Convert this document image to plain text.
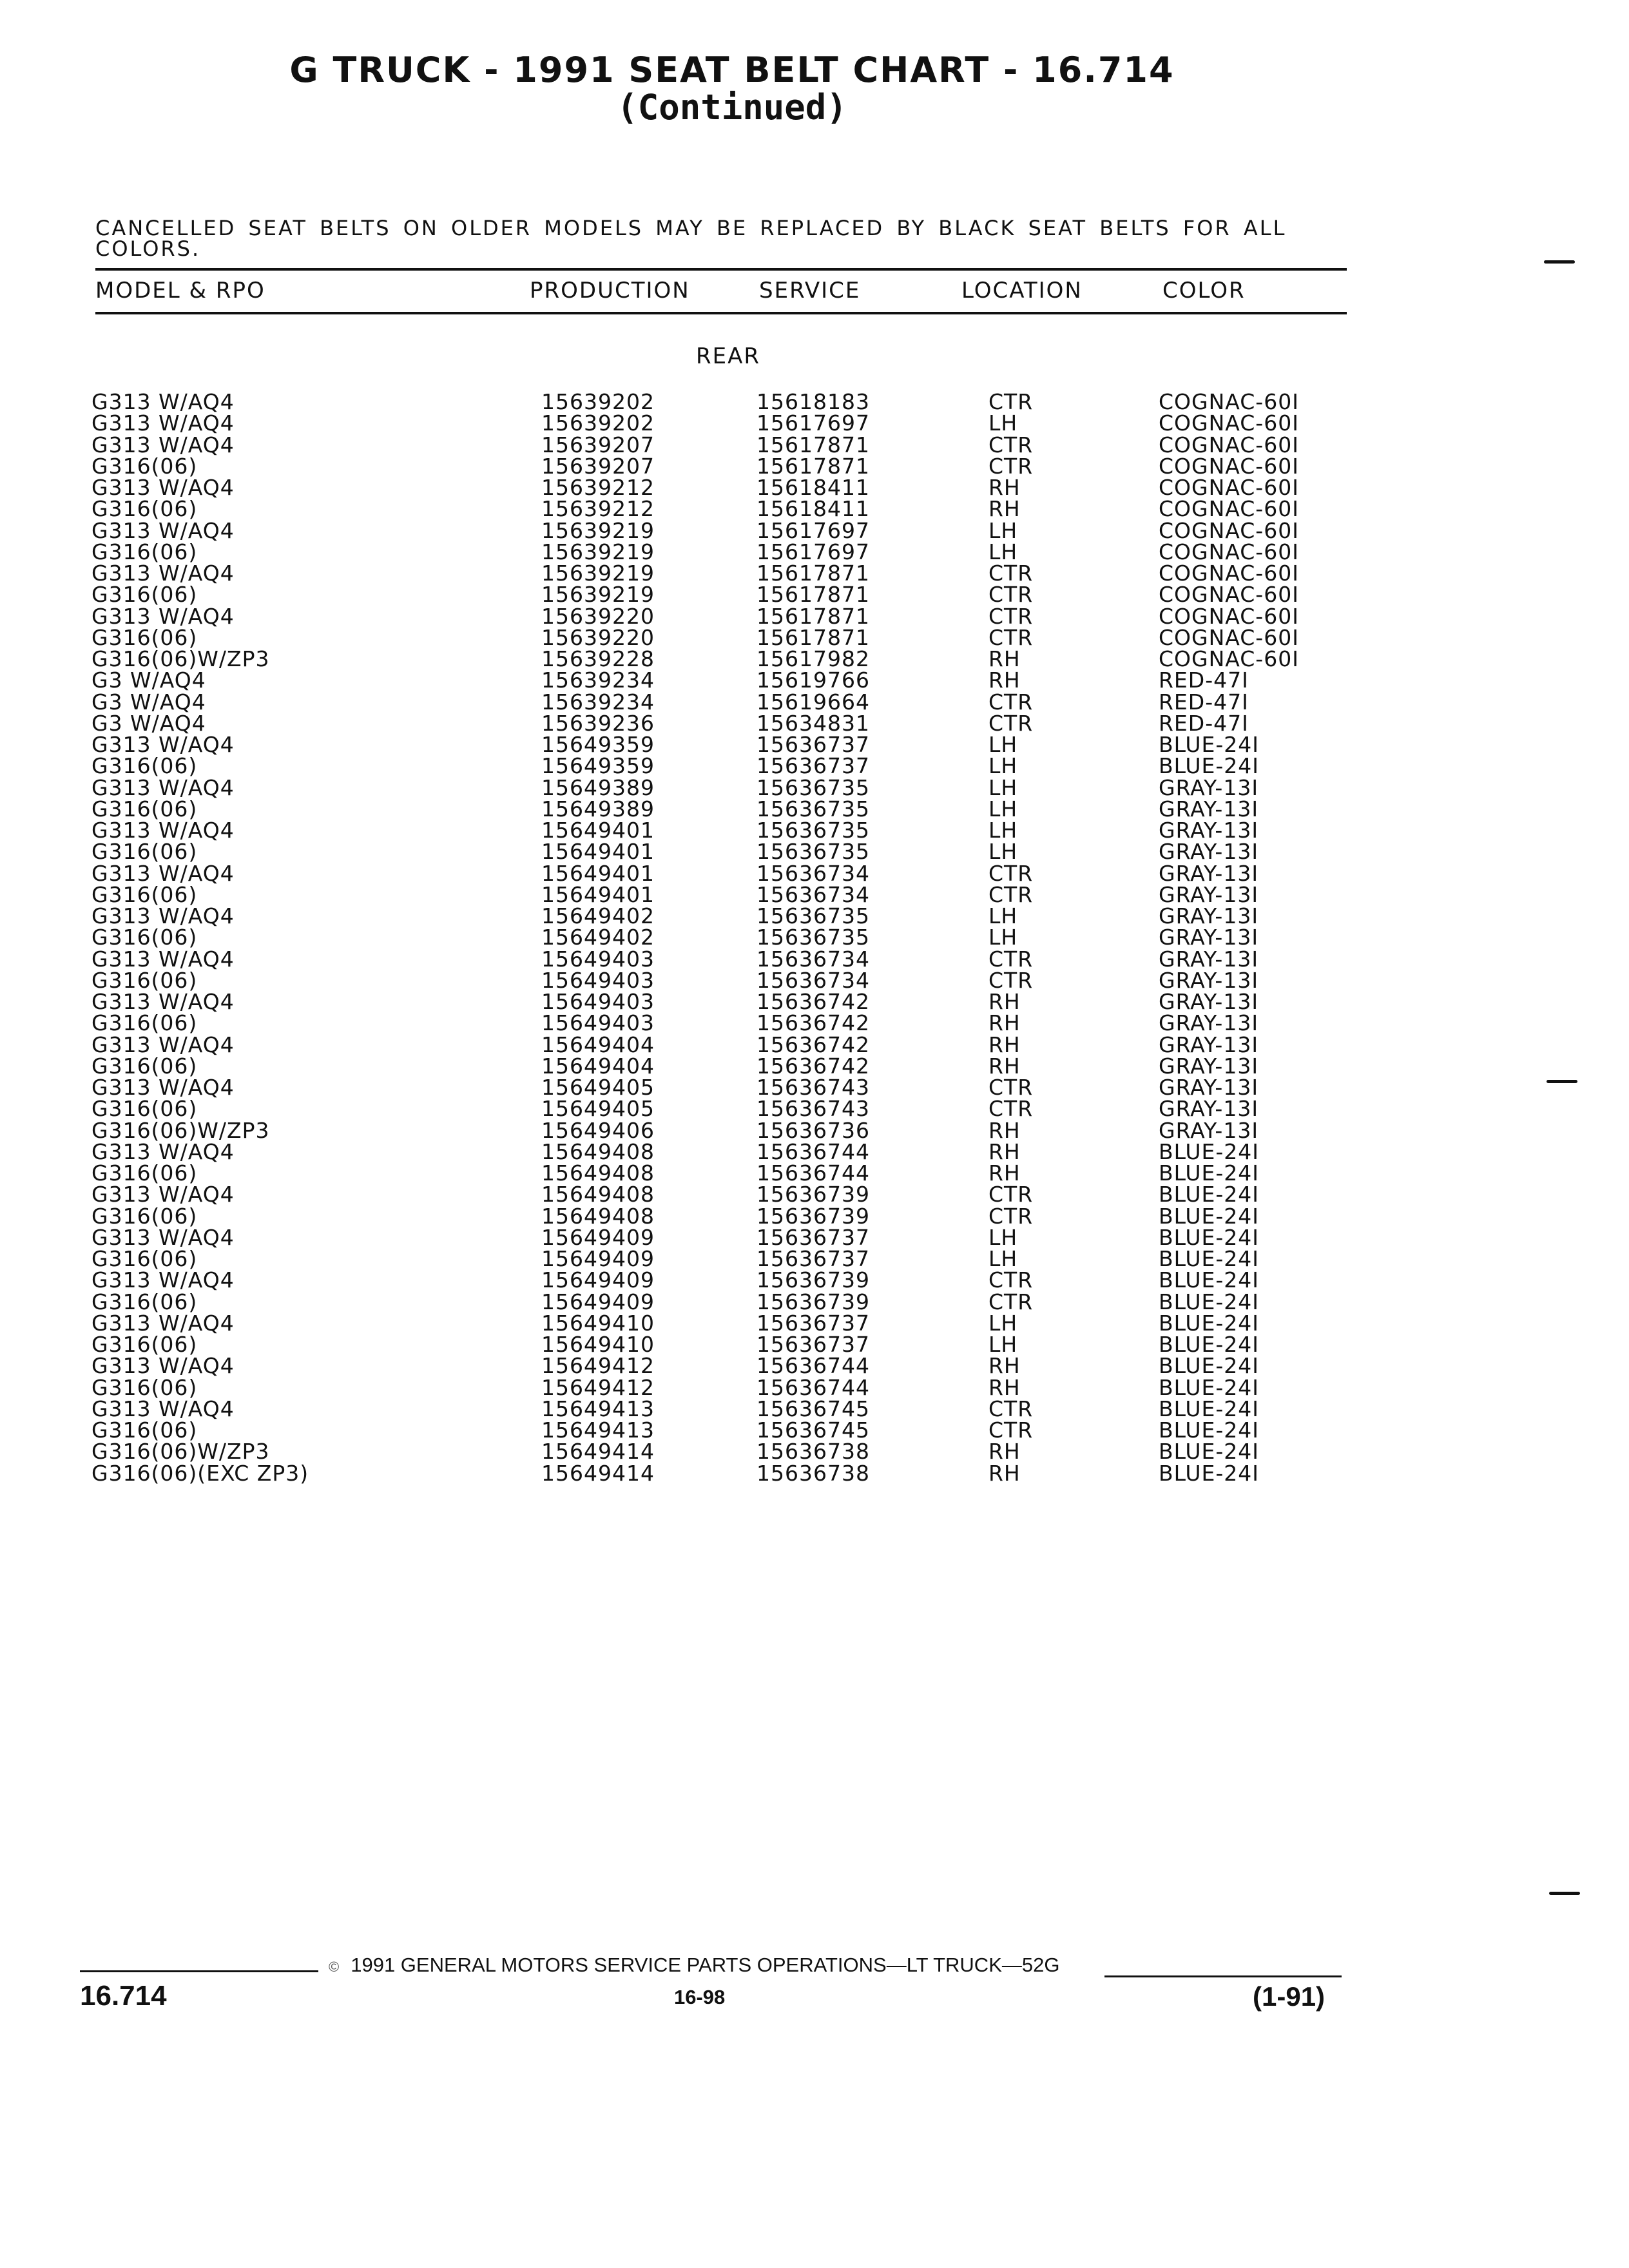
G TRUCK - 1991 SEAT BELT CHART - 16.714
(Continued)
CANCELLED SEAT BELTS ON OLDER MODELS MAY BE REPLACED BY BLACK SEAT BELTS FOR ALL COLORS.
MODEL & RPO	PRODUCTION	SERVICE	LOCATION	COLOR
REAR
G313 W/AQ4	15639202	15618183	CTR	COGNAC-60I
G313 W/AQ4	15639202	15617697	LH	COGNAC-60I
G313 W/AQ4	15639207	15617871	CTR	COGNAC-60I
G316(06)	15639207	15617871	CTR	COGNAC-60I
G313 W/AQ4	15639212	15618411	RH	COGNAC-60I
G316(06)	15639212	15618411	RH	COGNAC-60I
G313 W/AQ4	15639219	15617697	LH	COGNAC-60I
G316(06)	15639219	15617697	LH	COGNAC-60I
G313 W/AQ4	15639219	15617871	CTR	COGNAC-60I
G316(06)	15639219	15617871	CTR	COGNAC-60I
G313 W/AQ4	15639220	15617871	CTR	COGNAC-60I
G316(06)	15639220	15617871	CTR	COGNAC-60I
G316(06)W/ZP3	15639228	15617982	RH	COGNAC-60I
G3 W/AQ4	15639234	15619766	RH	RED-47I
G3 W/AQ4	15639234	15619664	CTR	RED-47I
G3 W/AQ4	15639236	15634831	CTR	RED-47I
G313 W/AQ4	15649359	15636737	LH	BLUE-24I
G316(06)	15649359	15636737	LH	BLUE-24I
G313 W/AQ4	15649389	15636735	LH	GRAY-13I
G316(06)	15649389	15636735	LH	GRAY-13I
G313 W/AQ4	15649401	15636735	LH	GRAY-13I
G316(06)	15649401	15636735	LH	GRAY-13I
G313 W/AQ4	15649401	15636734	CTR	GRAY-13I
G316(06)	15649401	15636734	CTR	GRAY-13I
G313 W/AQ4	15649402	15636735	LH	GRAY-13I
G316(06)	15649402	15636735	LH	GRAY-13I
G313 W/AQ4	15649403	15636734	CTR	GRAY-13I
G316(06)	15649403	15636734	CTR	GRAY-13I
G313 W/AQ4	15649403	15636742	RH	GRAY-13I
G316(06)	15649403	15636742	RH	GRAY-13I
G313 W/AQ4	15649404	15636742	RH	GRAY-13I
G316(06)	15649404	15636742	RH	GRAY-13I
G313 W/AQ4	15649405	15636743	CTR	GRAY-13I
G316(06)	15649405	15636743	CTR	GRAY-13I
G316(06)W/ZP3	15649406	15636736	RH	GRAY-13I
G313 W/AQ4	15649408	15636744	RH	BLUE-24I
G316(06)	15649408	15636744	RH	BLUE-24I
G313 W/AQ4	15649408	15636739	CTR	BLUE-24I
G316(06)	15649408	15636739	CTR	BLUE-24I
G313 W/AQ4	15649409	15636737	LH	BLUE-24I
G316(06)	15649409	15636737	LH	BLUE-24I
G313 W/AQ4	15649409	15636739	CTR	BLUE-24I
G316(06)	15649409	15636739	CTR	BLUE-24I
G313 W/AQ4	15649410	15636737	LH	BLUE-24I
G316(06)	15649410	15636737	LH	BLUE-24I
G313 W/AQ4	15649412	15636744	RH	BLUE-24I
G316(06)	15649412	15636744	RH	BLUE-24I
G313 W/AQ4	15649413	15636745	CTR	BLUE-24I
G316(06)	15649413	15636745	CTR	BLUE-24I
G316(06)W/ZP3	15649414	15636738	RH	BLUE-24I
G316(06)(EXC ZP3)	15649414	15636738	RH	BLUE-24I
© 1991 GENERAL MOTORS SERVICE PARTS OPERATIONS—LT TRUCK—52G
16.714	16-98	(1-91)
